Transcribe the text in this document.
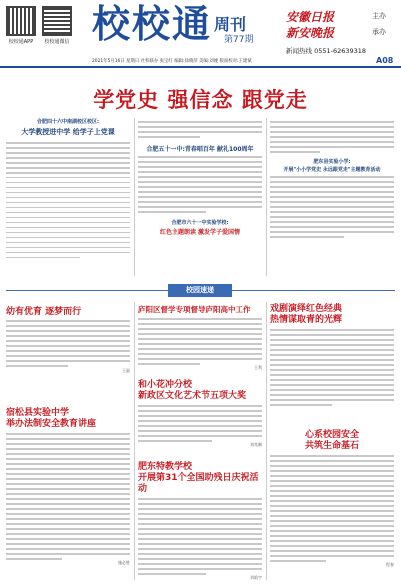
校校通APP	校校通微信 校校通 周刊
第77期
安徽日报	主办
新安晚报	承办
新闻热线 0551-62639318
2021年5月16日 星期日 社校联办 张宝红 编辑:徐晓萍 美编:刘娅 版面校对:王建斌	A08
学党史 强信念 跟党走
合肥四十六中南湖校区校区:
大学教授进中学 给学子上党课
合肥五十一中:青春唱百年 献礼100周年
合肥市六十一中实验学校:
红色主题朗读 激发学子爱国情
肥东县实验小学:
开展"小小学党史 永远跟党走"主题教育活动
校园速递
幼有优育 逐梦而行
王淑
宿松县实验中学
举办法制安全教育讲座
施必胜
庐阳区督学专项督导庐阳高中工作
王利
和小花冲分校
新政区文化艺术节五项大奖
刘兆琳
肥东特教学校
开展第31个全国助残日庆祝活动
刘晗宇
戏剧演绎红色经典
热情谋取青的光辉
心系校园安全
共筑生命基石
程春
